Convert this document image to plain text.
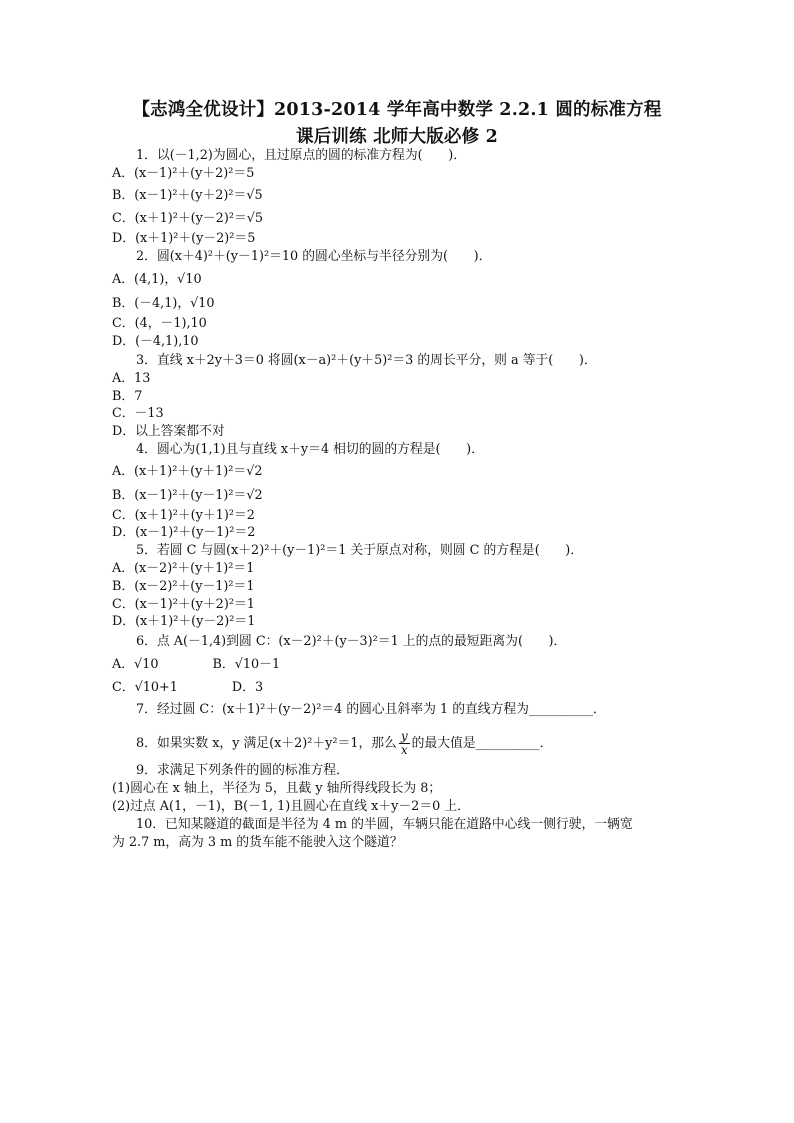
【志鸿全优设计】2013-2014 学年高中数学 2.2.1 圆的标准方程
课后训练 北师大版必修 2
1．以(－1,2)为圆心，且过原点的圆的标准方程为(　　)．
A．(x－1)²＋(y＋2)²＝5
B．(x－1)²＋(y＋2)²＝√5
C．(x＋1)²＋(y－2)²＝√5
D．(x＋1)²＋(y－2)²＝5
2．圆(x＋4)²＋(y－1)²＝10 的圆心坐标与半径分别为(　　)．
A．(4,1)，√10
B．(－4,1)，√10
C．(4，－1),10
D．(－4,1),10
3．直线 x＋2y＋3＝0 将圆(x－a)²＋(y＋5)²＝3 的周长平分，则 a 等于(　　)．
A．13
B．7
C．－13
D．以上答案都不对
4．圆心为(1,1)且与直线 x＋y＝4 相切的圆的方程是(　　)．
A．(x＋1)²＋(y＋1)²＝√2
B．(x－1)²＋(y－1)²＝√2
C．(x＋1)²＋(y＋1)²＝2
D．(x－1)²＋(y－1)²＝2
5．若圆 C 与圆(x＋2)²＋(y－1)²＝1 关于原点对称，则圆 C 的方程是(　　)．
A．(x－2)²＋(y＋1)²＝1
B．(x－2)²＋(y－1)²＝1
C．(x－1)²＋(y＋2)²＝1
D．(x＋1)²＋(y－2)²＝1
6．点 A(－1,4)到圆 C：(x－2)²＋(y－3)²＝1 上的点的最短距离为(　　)．
A．√10	B．√10－1
C．√10+1	D．3
7．经过圆 C：(x＋1)²＋(y－2)²＝4 的圆心且斜率为 1 的直线方程为__________．
8．如果实数 x，y 满足(x＋2)²＋y²＝1，那么 $\frac{y}{x}$ 的最大值是__________．
9．求满足下列条件的圆的标准方程．
(1)圆心在 x 轴上，半径为 5，且截 y 轴所得线段长为 8；
(2)过点 A(1，－1)，B(－1, 1)且圆心在直线 x＋y－2＝0 上．
10．已知某隧道的截面是半径为 4 m 的半圆，车辆只能在道路中心线一侧行驶，一辆宽
为 2.7 m，高为 3 m 的货车能不能驶入这个隧道？
